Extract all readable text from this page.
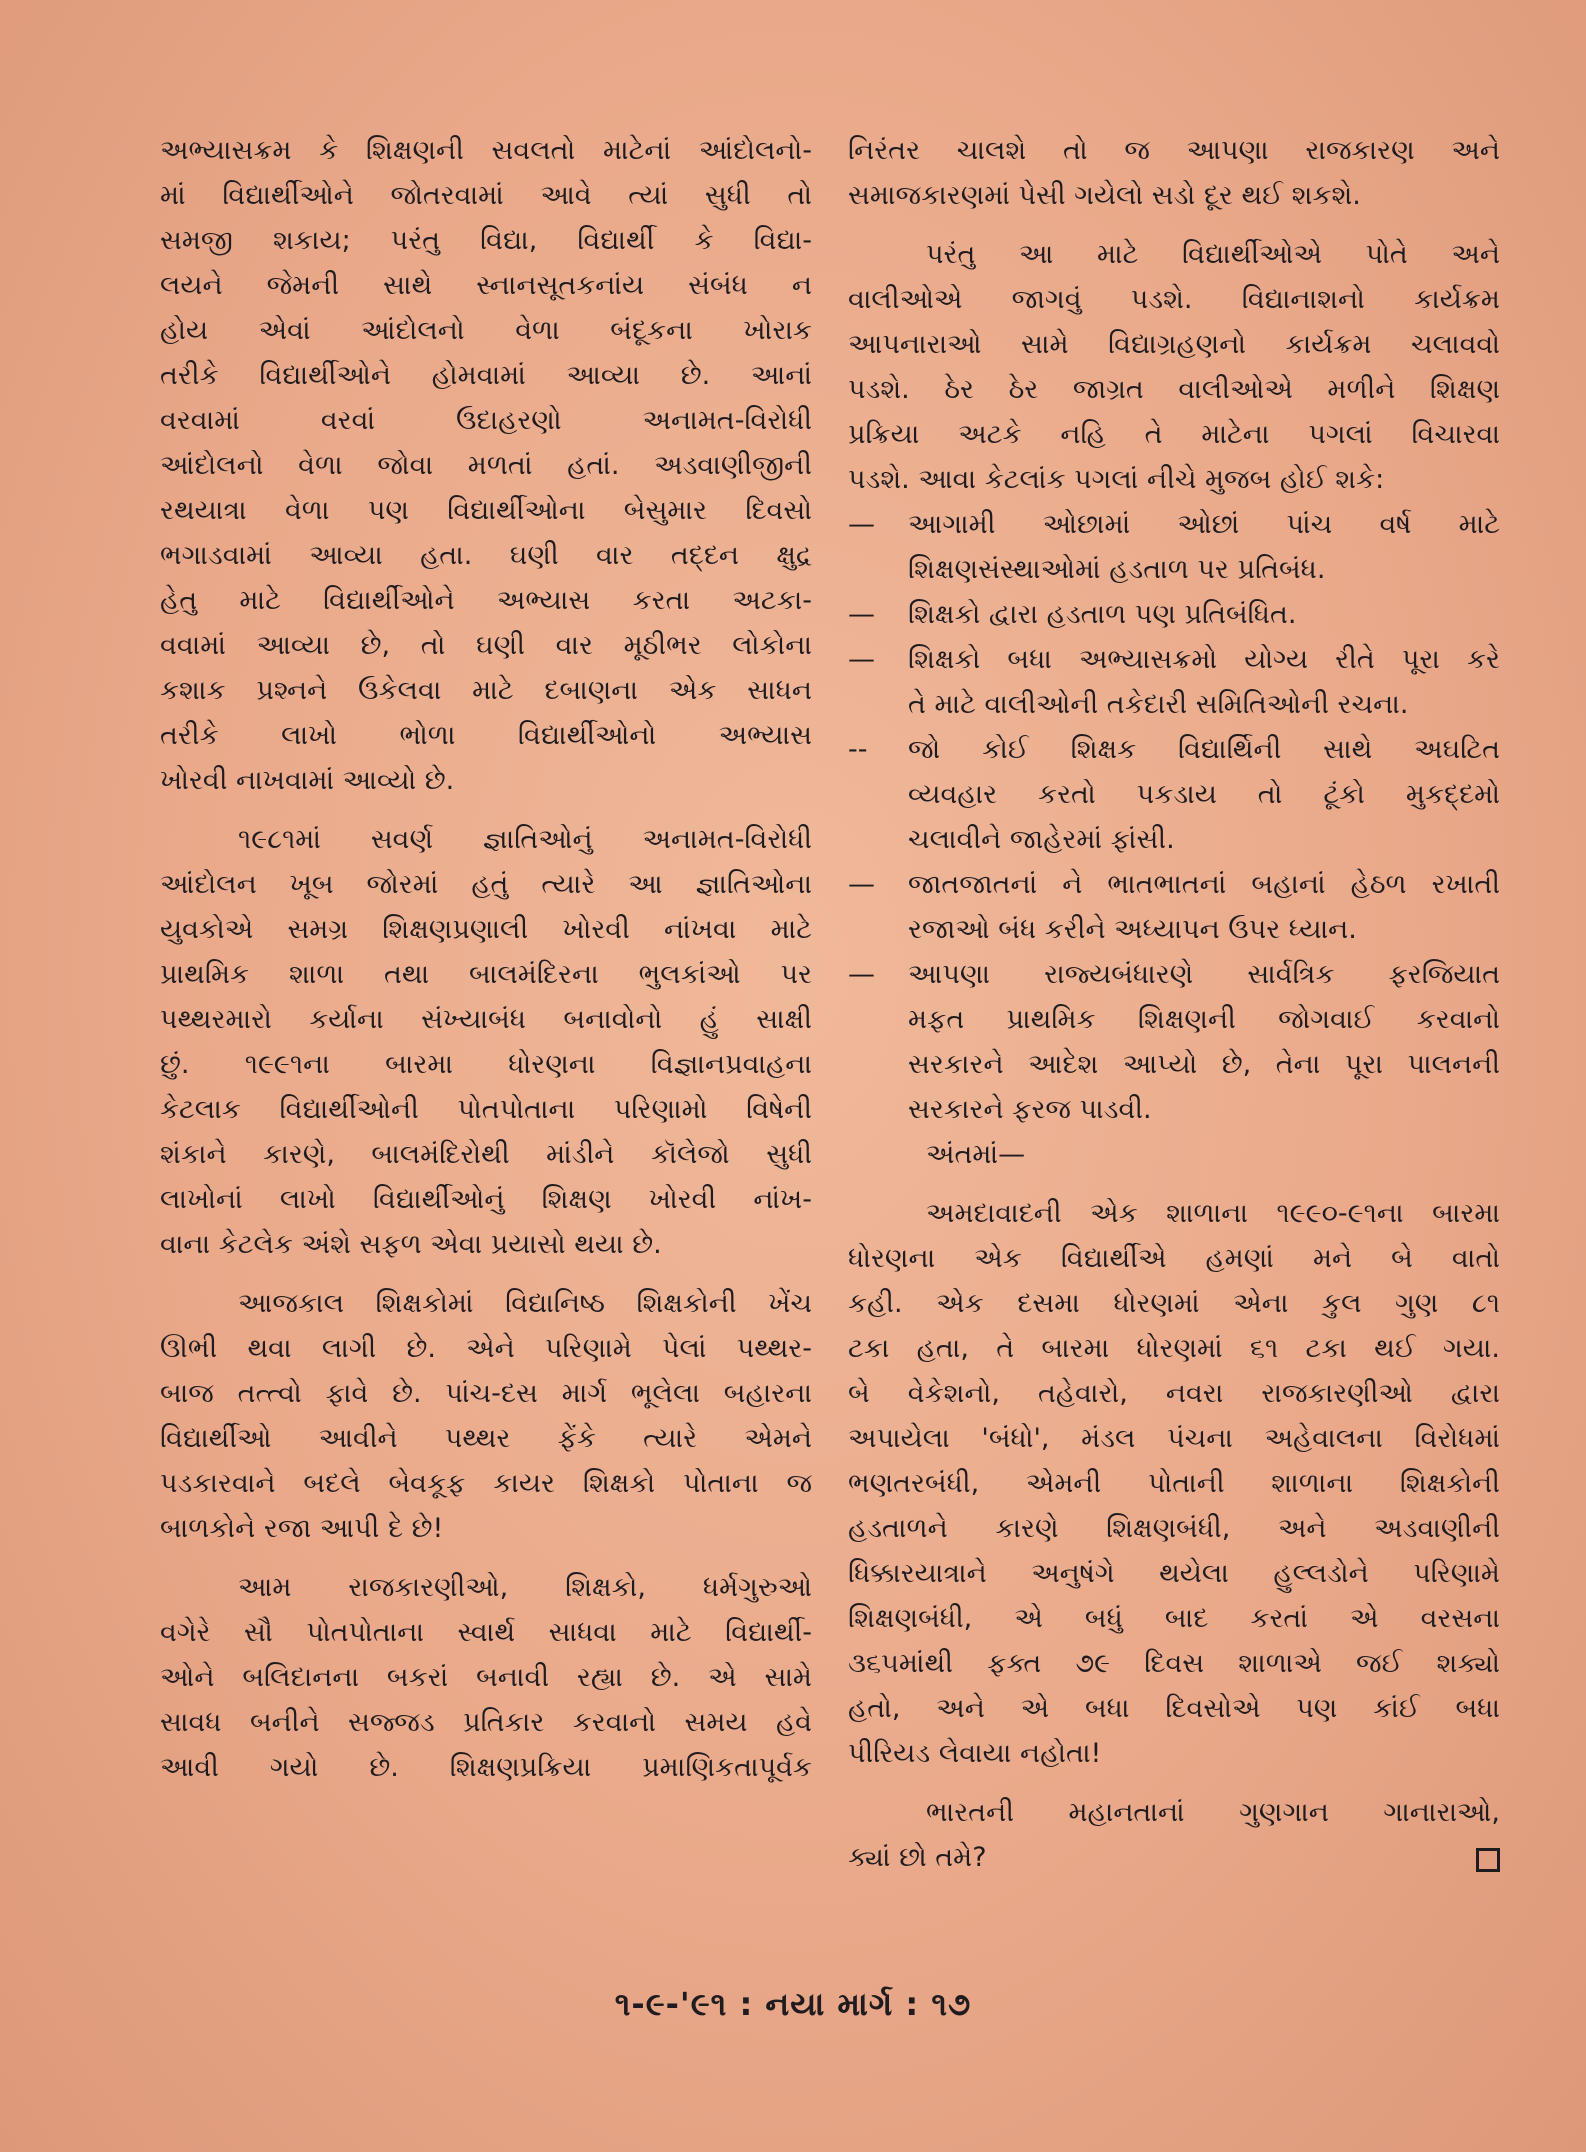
અભ્યાસક્રમ કે શિક્ષણની સવલતો માટેનાં આંદોલનો-
માં વિદ્યાર્થીઓને જોતરવામાં આવે ત્યાં સુધી તો
સમજી શકાય; પરંતુ વિદ્યા, વિદ્યાર્થી કે વિદ્યા-
લયને જેમની સાથે સ્નાનસૂતકનાંય સંબંધ ન
હોય એવાં આંદોલનો વેળા બંદૂકના ખોરાક
તરીકે વિદ્યાર્થીઓને હોમવામાં આવ્યા છે. આનાં
વરવામાં વરવાં ઉદાહરણો અનામત-વિરોધી
આંદોલનો વેળા જોવા મળતાં હતાં. અડવાણીજીની
રથયાત્રા વેળા પણ વિદ્યાર્થીઓના બેસુમાર દિવસો
ભગાડવામાં આવ્યા હતા. ઘણી વાર તદ્દન ક્ષુદ્ર
હેતુ માટે વિદ્યાર્થીઓને અભ્યાસ કરતા અટકા-
વવામાં આવ્યા છે, તો ઘણી વાર મૂઠીભર લોકોના
કશાક પ્રશ્નને ઉકેલવા માટે દબાણના એક સાધન
તરીકે લાખો ભોળા વિદ્યાર્થીઓનો અભ્યાસ
ખોરવી નાખવામાં આવ્યો છે.
૧૯૮૧માં સવર્ણ જ્ઞાતિઓનું અનામત-વિરોધી
આંદોલન ખૂબ જોરમાં હતું ત્યારે આ જ્ઞાતિઓના
યુવકોએ સમગ્ર શિક્ષણપ્રણાલી ખોરવી નાંખવા માટે
પ્રાથમિક શાળા તથા બાલમંદિરના ભુલકાંઓ પર
પથ્થરમારો કર્યાના સંખ્યાબંધ બનાવોનો હું સાક્ષી
છું. ૧૯૯૧ના બારમા ધોરણના વિજ્ઞાનપ્રવાહના
કેટલાક વિદ્યાર્થીઓની પોતપોતાના પરિણામો વિષેની
શંકાને કારણે, બાલમંદિરોથી માંડીને કૉલેજો સુધી
લાખોનાં લાખો વિદ્યાર્થીઓનું શિક્ષણ ખોરવી નાંખ-
વાના કેટલેક અંશે સફળ એવા પ્રયાસો થયા છે.
આજકાલ શિક્ષકોમાં વિદ્યાનિષ્ઠ શિક્ષકોની ખેંચ
ઊભી થવા લાગી છે. એને પરિણામે પેલાં પથ્થર-
બાજ તત્ત્વો ફાવે છે. પાંચ-દસ માર્ગ ભૂલેલા બહારના
વિદ્યાર્થીઓ આવીને પથ્થર ફેંકે ત્યારે એમને
પડકારવાને બદલે બેવકૂફ કાયર શિક્ષકો પોતાના જ
બાળકોને રજા આપી દે છે!
આમ રાજકારણીઓ, શિક્ષકો, ધર્મગુરુઓ
વગેરે સૌ પોતપોતાના સ્વાર્થ સાધવા માટે વિદ્યાર્થી-
ઓને બલિદાનના બકરાં બનાવી રહ્યા છે. એ સામે
સાવધ બનીને સજ્જડ પ્રતિકાર કરવાનો સમય હવે
આવી ગયો છે. શિક્ષણપ્રક્રિયા પ્રમાણિકતાપૂર્વક
નિરંતર ચાલશે તો જ આપણા રાજકારણ અને
સમાજકારણમાં પેસી ગયેલો સડો દૂર થઈ શકશે.
પરંતુ આ માટે વિદ્યાર્થીઓએ પોતે અને
વાલીઓએ જાગવું પડશે. વિદ્યાનાશનો કાર્યક્રમ
આપનારાઓ સામે વિદ્યાગ્રહણનો કાર્યક્રમ ચલાવવો
પડશે. ઠેર ઠેર જાગ્રત વાલીઓએ મળીને શિક્ષણ
પ્રક્રિયા અટકે નહિ તે માટેના પગલાં વિચારવા
પડશે. આવા કેટલાંક પગલાં નીચે મુજબ હોઈ શકે:
—	આગામી ઓછામાં ઓછાં પાંચ વર્ષ માટે
શિક્ષણસંસ્થાઓમાં હડતાળ પર પ્રતિબંધ.
—	શિક્ષકો દ્વારા હડતાળ પણ પ્રતિબંધિત.
—	શિક્ષકો બધા અભ્યાસક્રમો યોગ્ય રીતે પૂરા કરે
તે માટે વાલીઓની તકેદારી સમિતિઓની રચના.
--	જો કોઈ શિક્ષક વિદ્યાર્થિની સાથે અઘટિત
વ્યવહાર કરતો પકડાય તો ટૂંકો મુકદ્દમો
ચલાવીને જાહેરમાં ફાંસી.
—	જાતજાતનાં ને ભાતભાતનાં બહાનાં હેઠળ રખાતી
રજાઓ બંધ કરીને અધ્યાપન ઉપર ધ્યાન.
—	આપણા રાજ્યબંધારણે સાર્વત્રિક ફરજિયાત
મફત પ્રાથમિક શિક્ષણની જોગવાઈ કરવાનો
સરકારને આદેશ આપ્યો છે, તેના પૂરા પાલનની
સરકારને ફરજ પાડવી.
અંતમાં—
અમદાવાદની એક શાળાના ૧૯૯૦-૯૧ના બારમા
ધોરણના એક વિદ્યાર્થીએ હમણાં મને બે વાતો
કહી. એક દસમા ધોરણમાં એના કુલ ગુણ ૮૧
ટકા હતા, તે બારમા ધોરણમાં ૬૧ ટકા થઈ ગયા.
બે વેકેશનો, તહેવારો, નવરા રાજકારણીઓ દ્વારા
અપાયેલા 'બંધો', મંડલ પંચના અહેવાલના વિરોધમાં
ભણતરબંધી, એમની પોતાની શાળાના શિક્ષકોની
હડતાળને કારણે શિક્ષણબંધી, અને અડવાણીની
ધિક્કારયાત્રાને અનુષંગે થયેલા હુલ્લડોને પરિણામે
શિક્ષણબંધી, એ બધું બાદ કરતાં એ વરસના
૩૬૫માંથી ફક્ત ૭૯ દિવસ શાળાએ જઈ શક્યો
હતો, અને એ બધા દિવસોએ પણ કાંઈ બધા
પીરિયડ લેવાયા નહોતા!
ભારતની મહાનતાનાં ગુણગાન ગાનારાઓ,
ક્યાં છો તમે?
૧-૯-'૯૧ : નયા માર્ગ : ૧૭
